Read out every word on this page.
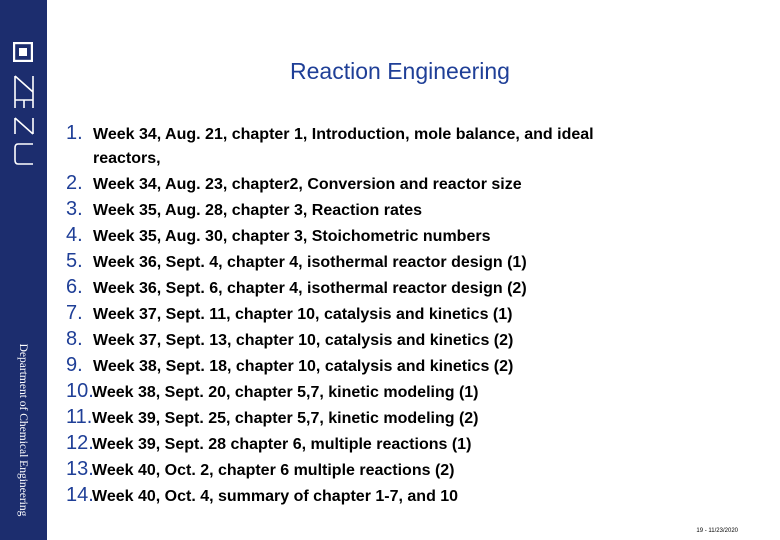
Department of Chemical Engineering
Reaction Engineering
1. Week 34, Aug. 21, chapter 1, Introduction, mole balance, and ideal reactors,
2. Week 34, Aug. 23, chapter2, Conversion and reactor size
3. Week 35, Aug. 28, chapter 3, Reaction rates
4. Week 35, Aug. 30, chapter 3, Stoichometric numbers
5. Week 36, Sept. 4, chapter 4, isothermal reactor design (1)
6. Week 36, Sept. 6, chapter 4, isothermal reactor design (2)
7. Week 37, Sept. 11, chapter 10, catalysis and kinetics (1)
8. Week 37, Sept. 13, chapter 10, catalysis and kinetics (2)
9. Week 38, Sept. 18, chapter 10, catalysis and kinetics (2)
10.
Week 38, Sept. 20, chapter 5,7, kinetic modeling (1)
11. Week 39, Sept. 25, chapter 5,7, kinetic modeling (2)
12.
Week 39, Sept. 28 chapter 6, multiple reactions (1)
13.
Week 40, Oct. 2, chapter 6 multiple reactions (2)
14.
Week 40, Oct. 4, summary of chapter 1-7, and 10
19 - 11/23/2020
